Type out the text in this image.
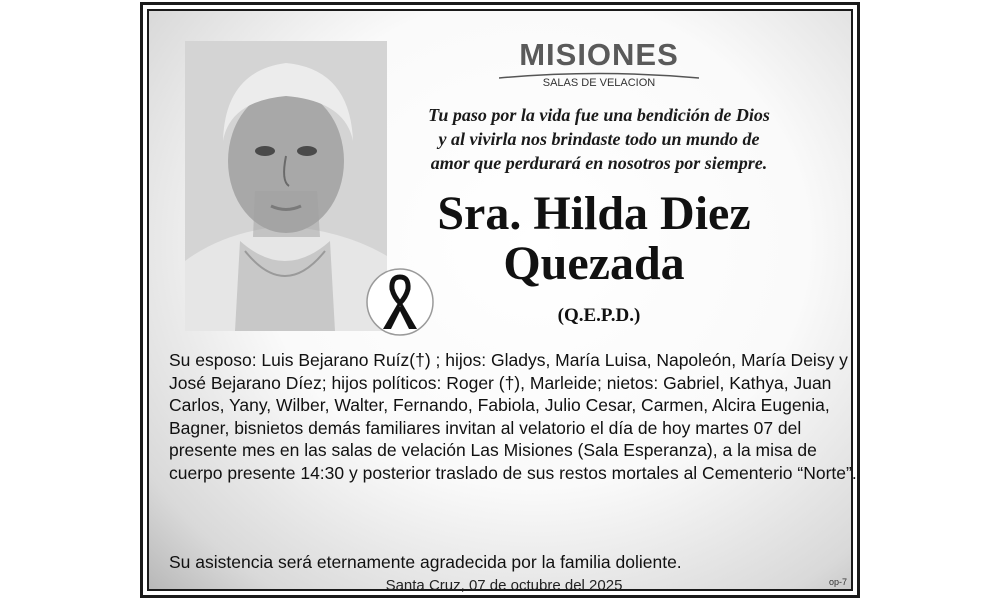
MISIONES
SALAS DE VELACION
Tu paso por la vida fue una bendición de Dios
y al vivirla nos brindaste todo un mundo de
amor que perdurará en nosotros por siempre.
Sra. Hilda Diez
Quezada
(Q.E.P.D.)

Su esposo: Luis Bejarano Ruíz(†) ; hijos: Gladys, María Luisa, Napoleón, María Deisy y José Bejarano Díez; hijos políticos: Roger (†), Marleide; nietos: Gabriel, Kathya, Juan Carlos, Yany, Wilber, Walter, Fernando, Fabiola, Julio Cesar, Carmen, Alcira Eugenia, Bagner, bisnietos demás familiares invitan al velatorio el día de hoy martes 07 del presente mes en las salas de velación Las Misiones (Sala Esperanza), a la misa de cuerpo presente 14:30 y posterior traslado de sus restos mortales al Cementerio “Norte”.

Su asistencia será eternamente agradecida por la familia doliente.
Santa Cruz, 07 de octubre del 2025	op-7
